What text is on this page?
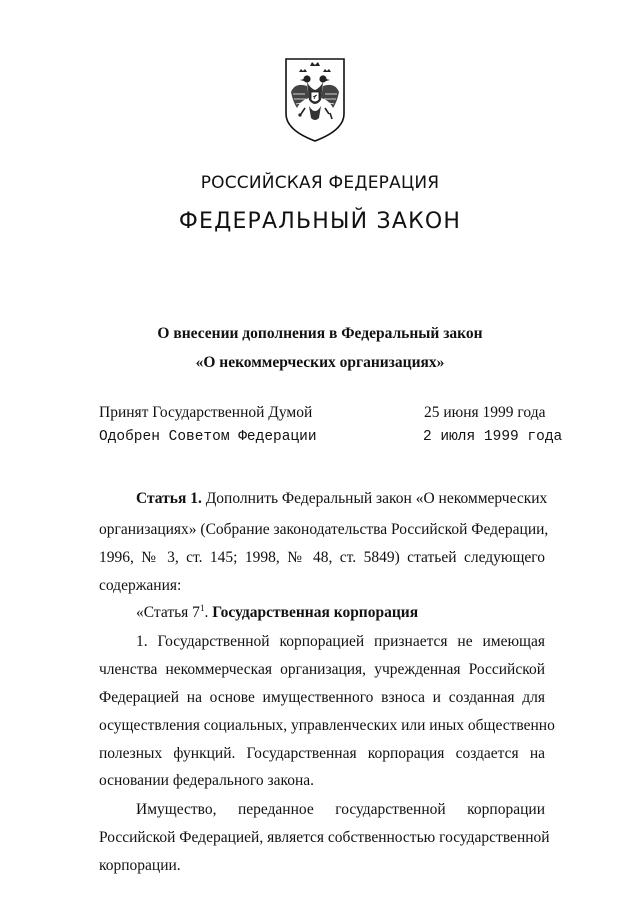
РОССИЙСКАЯ ФЕДЕРАЦИЯ
ФЕДЕРАЛЬНЫЙ ЗАКОН
О внесении дополнения в Федеральный закон
«О некоммерческих организациях»
Принят Государственной Думой	25 июня 1999 года
Одобрен Советом Федерации	2 июля 1999 года
Статья 1. Дополнить Федеральный закон «О некоммерческих
организациях» (Собрание законодательства Российской Федерации,
1996, № 3, ст. 145; 1998, № 48, ст. 5849) статьей следующего
содержания:
«Статья $7^1$. Государственная корпорация
1. Государственной корпорацией признается не имеющая
членства некоммерческая организация, учрежденная Российской
Федерацией на основе имущественного взноса и созданная для
осуществления социальных, управленческих или иных общественно
полезных функций. Государственная корпорация создается на
основании федерального закона.
Имущество, переданное государственной корпорации
Российской Федерацией, является собственностью государственной
корпорации.
